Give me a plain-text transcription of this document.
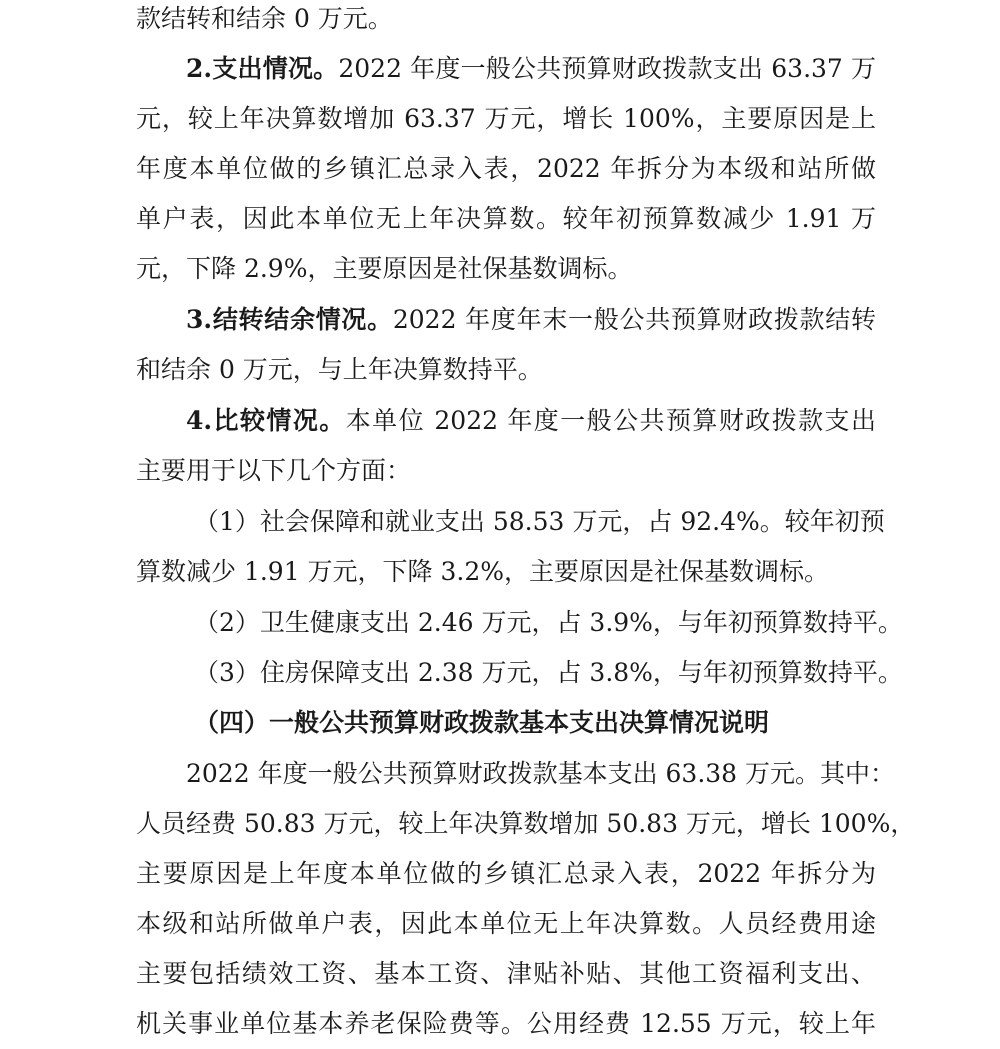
款结转和结余 0 万元。
2.支出情况。2022 年度一般公共预算财政拨款支出 63.37 万
元，较上年决算数增加 63.37 万元，增长 100%，主要原因是上
年度本单位做的乡镇汇总录入表，2022 年拆分为本级和站所做
单户表，因此本单位无上年决算数。较年初预算数减少 1.91 万
元，下降 2.9%，主要原因是社保基数调标。
3.结转结余情况。2022 年度年末一般公共预算财政拨款结转
和结余 0 万元，与上年决算数持平。
4.比较情况。本单位 2022 年度一般公共预算财政拨款支出
主要用于以下几个方面：
（1）社会保障和就业支出 58.53 万元，占 92.4%。较年初预
算数减少 1.91 万元，下降 3.2%，主要原因是社保基数调标。
（2）卫生健康支出 2.46 万元，占 3.9%，与年初预算数持平。
（3）住房保障支出 2.38 万元，占 3.8%，与年初预算数持平。
（四）一般公共预算财政拨款基本支出决算情况说明
2022 年度一般公共预算财政拨款基本支出 63.38 万元。其中：
人员经费 50.83 万元，较上年决算数增加 50.83 万元，增长 100%，
主要原因是上年度本单位做的乡镇汇总录入表，2022 年拆分为
本级和站所做单户表，因此本单位无上年决算数。人员经费用途
主要包括绩效工资、基本工资、津贴补贴、其他工资福利支出、
机关事业单位基本养老保险费等。公用经费 12.55 万元，较上年
